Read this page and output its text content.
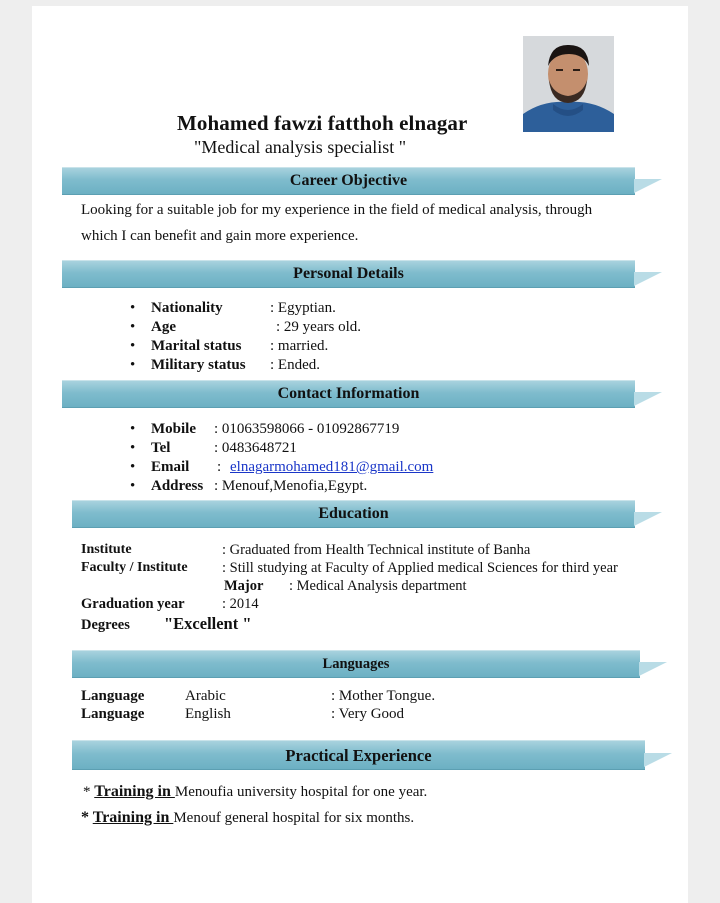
Mohamed fawzi fatthoh elnagar
"Medical analysis specialist "
Career Objective
Looking for a suitable job for my experience in the field of medical analysis, through
which I can benefit and gain more experience.
Personal Details
• Nationality	: Egyptian.
• Age	: 29 years old.
• Marital status : married.
• Military status : Ended.
Contact Information
• Mobile : 01063598066 - 01092867719
• Tel	: 0483648721
• Email : elnagarmohamed181@gmail.com
• Address : Menouf,Menofia,Egypt.
Education
Institute	: Graduated from Health Technical institute of Banha
Faculty / Institute : Still studying at Faculty of Applied medical Sciences for third year
Major : Medical Analysis department
Graduation year	: 2014
Degrees "Excellent "
Languages
Language	Arabic	: Mother Tongue.
Language	English	: Very Good
Practical Experience
* Training in Menoufia university hospital for one year.
* Training in Menouf general hospital for six months.
